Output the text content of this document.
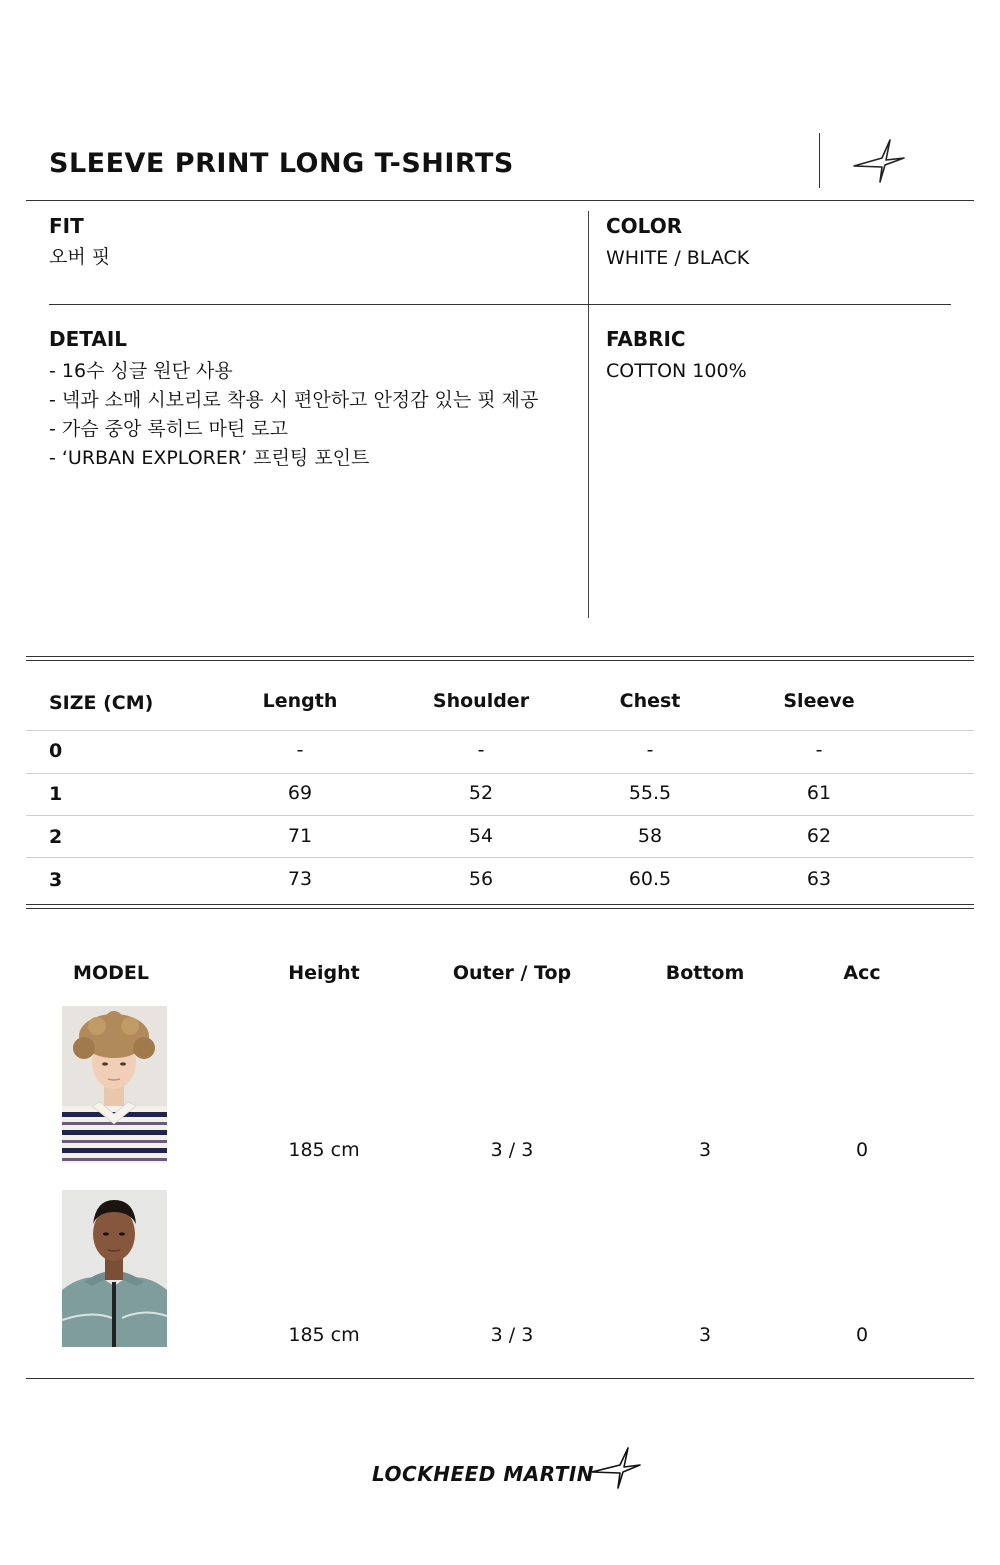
SLEEVE PRINT LONG T-SHIRTS
FIT
오버 핏
COLOR
WHITE / BLACK
DETAIL
- 16수 싱글 원단 사용
- 넥과 소매 시보리로 착용 시 편안하고 안정감 있는 핏 제공
- 가슴 중앙 록히드 마틴 로고
- ‘URBAN EXPLORER’ 프린팅 포인트
FABRIC
COTTON 100%
SIZE (CM)	Length	Shoulder	Chest	Sleeve
0	-	-	-	-
1	69	52	55.5	61
2	71	54	58	62
3	73	56	60.5	63
MODEL	Height	Outer / Top	Bottom	Acc
185 cm	3 / 3	3	0
185 cm	3 / 3	3	0
LOCKHEED MARTIN
